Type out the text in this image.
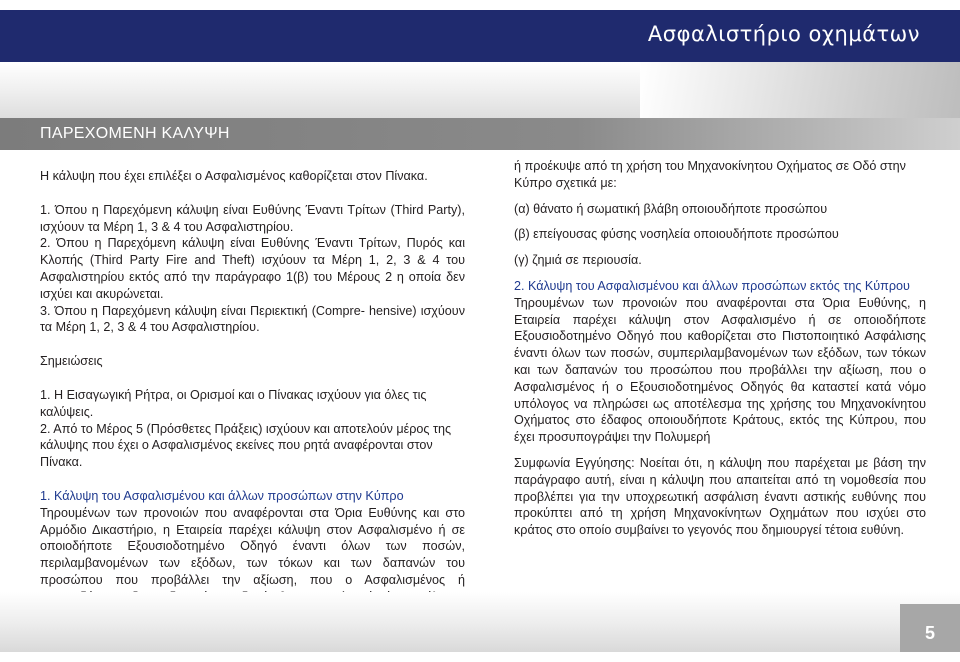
Ασφαλιστήριο οχημάτων
ΠΑΡΕΧΟΜΕΝΗ ΚΑΛΥΨΗ

Η κάλυψη που έχει επιλέξει ο Ασφαλισμένος καθορίζεται στον Πίνακα.

1. Όπου η Παρεχόμενη κάλυψη είναι Ευθύνης Έναντι Τρίτων (Third Party), ισχύουν τα Μέρη 1, 3 & 4 του Ασφαλιστηρίου.

2. Όπου η Παρεχόμενη κάλυψη είναι Ευθύνης Έναντι Τρίτων, Πυρός και Κλοπής (Third Party Fire and Theft) ισχύουν τα Μέρη 1, 2, 3 & 4 του Ασφαλιστηρίου εκτός από την παράγραφο 1(β) του Μέρους 2 η οποία δεν ισχύει και ακυρώνεται.

3. Όπου η Παρεχόμενη κάλυψη είναι Περιεκτική (Compre- hensive) ισχύουν τα Μέρη 1, 2, 3 & 4 του Ασφαλιστηρίου.

Σημειώσεις

1. Η Εισαγωγική Ρήτρα, οι Ορισμοί και ο Πίνακας ισχύουν για όλες τις καλύψεις.

2. Από το Μέρος 5 (Πρόσθετες Πράξεις) ισχύουν και αποτελούν μέρος της κάλυψης που έχει ο Ασφαλισμένος εκείνες που ρητά αναφέρονται στον Πίνακα.

1. Κάλυψη του Ασφαλισμένου και άλλων προσώπων στην Κύπρο

Τηρουμένων των προνοιών που αναφέρονται στα Όρια Ευθύνης και στο Αρμόδιο Δικαστήριο, η Εταιρεία παρέχει κάλυψη στον Ασφαλισμένο ή σε οποιοδήποτε Εξουσιοδοτημένο Οδηγό έναντι όλων των ποσών, περιλαμβανομένων των εξόδων, των τόκων και των δαπανών του προσώπου που προβάλλει την αξίωση, που ο Ασφαλισμένος ή

ή προέκυψε από τη χρήση του Μηχανοκίνητου Οχήματος σε Οδό στην Κύπρο σχετικά με:

(α) θάνατο ή σωματική βλάβη οποιουδήποτε προσώπου

(β) επείγουσας φύσης νοσηλεία οποιουδήποτε προσώπου

(γ) ζημιά σε περιουσία.

2. Κάλυψη του Ασφαλισμένου και άλλων προσώπων εκτός της Κύπρου

Τηρουμένων των προνοιών που αναφέρονται στα Όρια Ευθύνης, η Εταιρεία παρέχει κάλυψη στον Ασφαλισμένο ή σε οποιοδήποτε Εξουσιοδοτημένο Οδηγό που καθορίζεται στο Πιστοποιητικό Ασφάλισης έναντι όλων των ποσών, συμπεριλαμβανομένων των εξόδων, των τόκων και των δαπανών του προσώπου που προβάλλει την αξίωση, που ο Ασφαλισμένος ή ο Εξουσιοδοτημένος Οδηγός θα καταστεί κατά νόμο υπόλογος να πληρώσει ως αποτέλεσμα της χρήσης του Μηχανοκίνητου Οχήματος στο έδαφος οποιουδήποτε Κράτους, εκτός της Κύπρου, που έχει προσυπογράψει την Πολυμερή

Συμφωνία Εγγύησης: Νοείται ότι, η κάλυψη που παρέχεται με βάση την παράγραφο αυτή, είναι η κάλυψη που απαιτείται από τη νομοθεσία που προβλέπει για την υποχρεωτική ασφάλιση έναντι αστικής ευθύνης που προκύπτει από τη χρήση Μηχανοκίνητων Οχημάτων που ισχύει στο κράτος στο οποίο συμβαίνει το γεγονός που δημιουργεί τέτοια ευθύνη.

5
